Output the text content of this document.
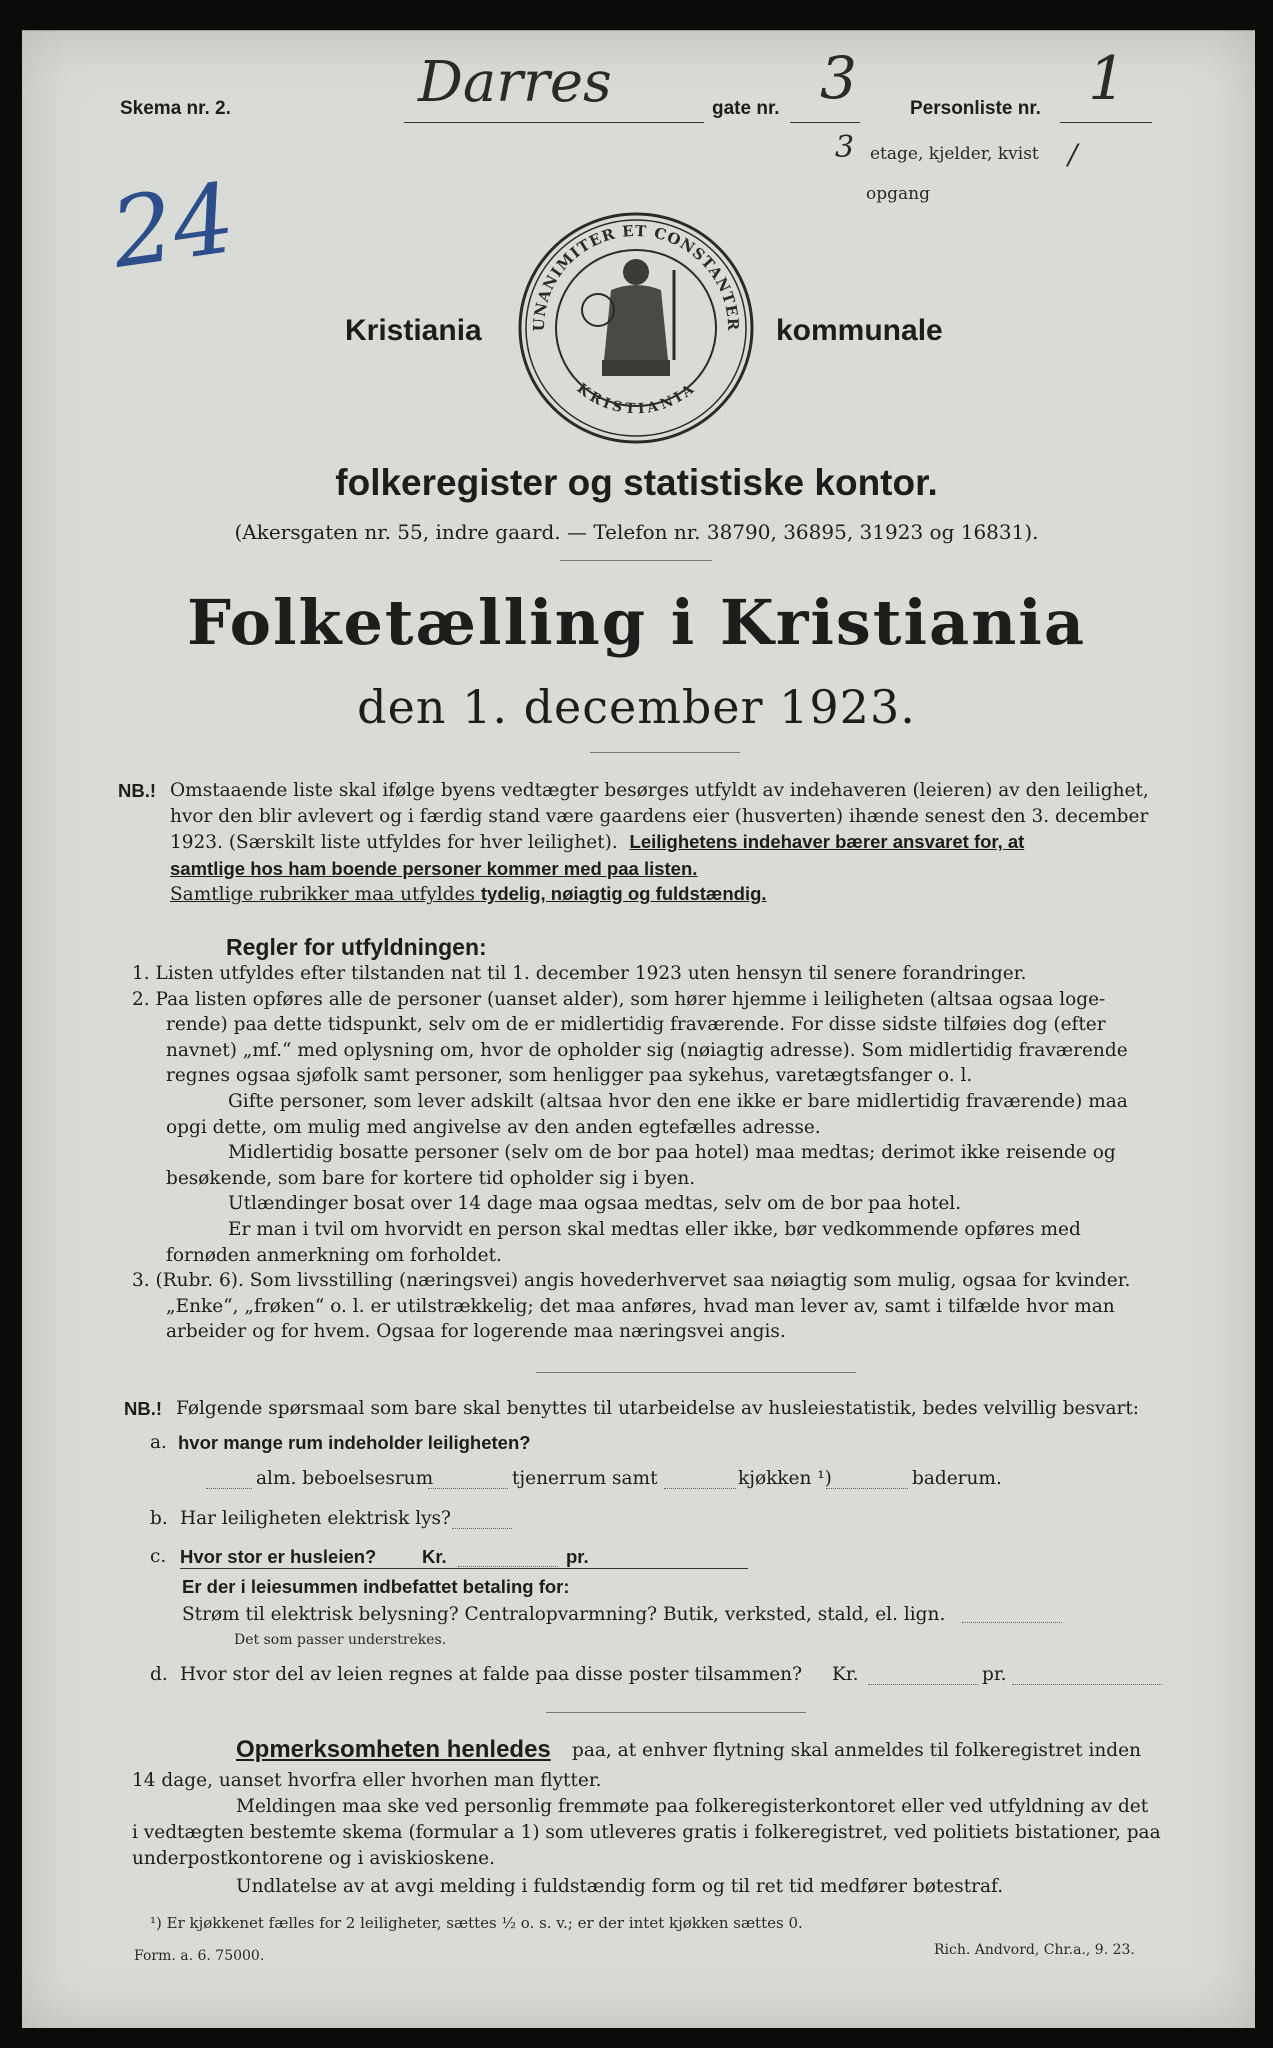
Skema nr. 2.	Darres	gate nr. 3	Personliste nr. 1
3 etage, kjelder, kvist /
opgang
24
Kristiania	kommunale
UNANIMITER ET CONSTANTER
KRISTIANIA
folkeregister og statistiske kontor.
(Akersgaten nr. 55, indre gaard. — Telefon nr. 38790, 36895, 31923 og 16831).
Folketælling i Kristiania
den 1. december 1923.
NB.! Omstaaende liste skal ifølge byens vedtægter besørges utfyldt av indehaveren (leieren) av den leilighet,

hvor den blir avlevert og i færdig stand være gaardens eier (husverten) ihænde senest den 3. december

1923. (Særskilt liste utfyldes for hver leilighet). Leilighetens indehaver bærer ansvaret for, at

samtlige hos ham boende personer kommer med paa listen.

Samtlige rubrikker maa utfyldes tydelig, nøiagtig og fuldstændig.

Regler for utfyldningen:

1. Listen utfyldes efter tilstanden nat til 1. december 1923 uten hensyn til senere forandringer.

2. Paa listen opføres alle de personer (uanset alder), som hører hjemme i leiligheten (altsaa ogsaa loge-

rende) paa dette tidspunkt, selv om de er midlertidig fraværende. For disse sidste tilføies dog (efter

navnet) „mf.“ med oplysning om, hvor de opholder sig (nøiagtig adresse). Som midlertidig fraværende

regnes ogsaa sjøfolk samt personer, som henligger paa sykehus, varetægtsfanger o. l.

Gifte personer, som lever adskilt (altsaa hvor den ene ikke er bare midlertidig fraværende) maa

opgi dette, om mulig med angivelse av den anden egtefælles adresse.

Midlertidig bosatte personer (selv om de bor paa hotel) maa medtas; derimot ikke reisende og

besøkende, som bare for kortere tid opholder sig i byen.

Utlændinger bosat over 14 dage maa ogsaa medtas, selv om de bor paa hotel.

Er man i tvil om hvorvidt en person skal medtas eller ikke, bør vedkommende opføres med

fornøden anmerkning om forholdet.

3. (Rubr. 6). Som livsstilling (næringsvei) angis hovederhvervet saa nøiagtig som mulig, ogsaa for kvinder.

„Enke“, „frøken“ o. l. er utilstrækkelig; det maa anføres, hvad man lever av, samt i tilfælde hvor man

arbeider og for hvem. Ogsaa for logerende maa næringsvei angis.

NB.! Følgende spørsmaal som bare skal benyttes til utarbeidelse av husleiestatistik, bedes velvillig besvart:
a. hvor mange rum indeholder leiligheten?
alm. beboelsesrum	tjenerrum samt	kjøkken ¹)	baderum.
b. Har leiligheten elektrisk lys?
c. Hvor stor er husleien? Kr.	pr.
Er der i leiesummen indbefattet betaling for:
Strøm til elektrisk belysning? Centralopvarmning? Butik, verksted, stald, el. lign.
Det som passer understrekes.
d. Hvor stor del av leien regnes at falde paa disse poster tilsammen? Kr.	pr.
Opmerksomheten henledes paa, at enhver flytning skal anmeldes til folkeregistret inden
14 dage, uanset hvorfra eller hvorhen man flytter.
Meldingen maa ske ved personlig fremmøte paa folkeregisterkontoret eller ved utfyldning av det
i vedtægten bestemte skema (formular a 1) som utleveres gratis i folkeregistret, ved politiets bistationer, paa
underpostkontorene og i aviskioskene.
Undlatelse av at avgi melding i fuldstændig form og til ret tid medfører bøtestraf.
¹) Er kjøkkenet fælles for 2 leiligheter, sættes ½ o. s. v.; er der intet kjøkken sættes 0.
Form. a. 6. 75000.	Rich. Andvord, Chr.a., 9. 23.
